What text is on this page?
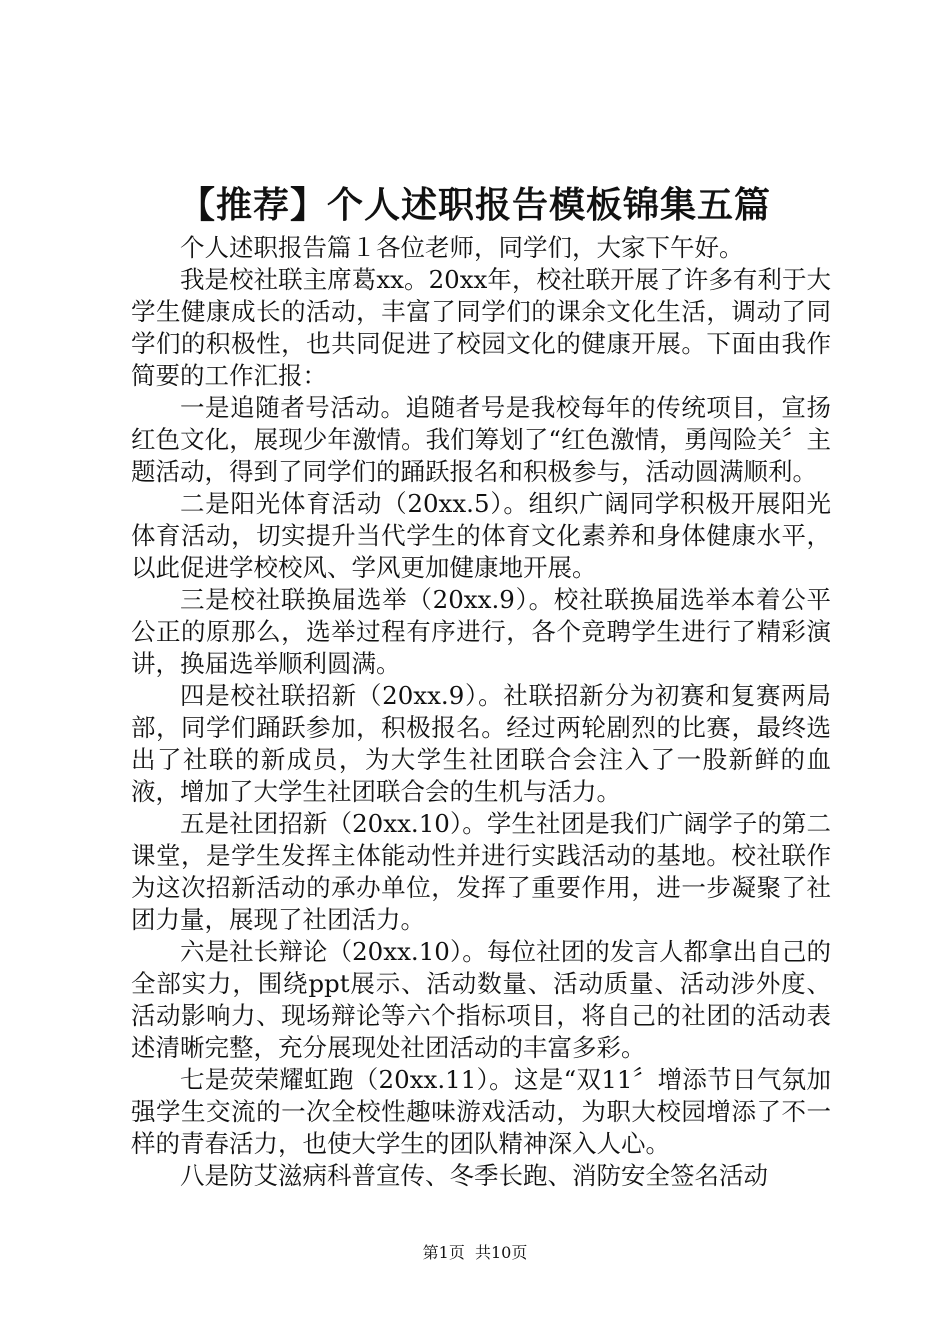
【推荐】个人述职报告模板锦集五篇

个人述职报告篇１各位老师，同学们，大家下午好。

我是校社联主席葛xx。20xx年，校社联开展了许多有利于大学生健康成长的活动，丰富了同学们的课余文化生活，调动了同学们的积极性，也共同促进了校园文化的健康开展。下面由我作简要的工作汇报：

一是追随者号活动。追随者号是我校每年的传统项目，宣扬红色文化，展现少年激情。我们筹划了“红色激情，勇闯险关〞主题活动，得到了同学们的踊跃报名和积极参与，活动圆满顺利。

二是阳光体育活动（20xx.5）。组织广阔同学积极开展阳光体育活动，切实提升当代学生的体育文化素养和身体健康水平，以此促进学校校风、学风更加健康地开展。

三是校社联换届选举（20xx.9）。校社联换届选举本着公平公正的原那么，选举过程有序进行，各个竞聘学生进行了精彩演讲，换届选举顺利圆满。

四是校社联招新（20xx.9）。社联招新分为初赛和复赛两局部，同学们踊跃参加，积极报名。经过两轮剧烈的比赛，最终选出了社联的新成员，为大学生社团联合会注入了一股新鲜的血液，增加了大学生社团联合会的生机与活力。

五是社团招新（20xx.10）。学生社团是我们广阔学子的第二课堂，是学生发挥主体能动性并进行实践活动的基地。校社联作为这次招新活动的承办单位，发挥了重要作用，进一步凝聚了社团力量，展现了社团活力。

六是社长辩论（20xx.10）。每位社团的发言人都拿出自己的全部实力，围绕ppt展示、活动数量、活动质量、活动涉外度、活动影响力、现场辩论等六个指标项目，将自己的社团的活动表述清晰完整，充分展现处社团活动的丰富多彩。

七是荧荣耀虹跑（20xx.11）。这是“双11〞增添节日气氛加强学生交流的一次全校性趣味游戏活动，为职大校园增添了不一样的青春活力，也使大学生的团队精神深入人心。

八是防艾滋病科普宣传、冬季长跑、消防安全签名活动

第1页  共10页
